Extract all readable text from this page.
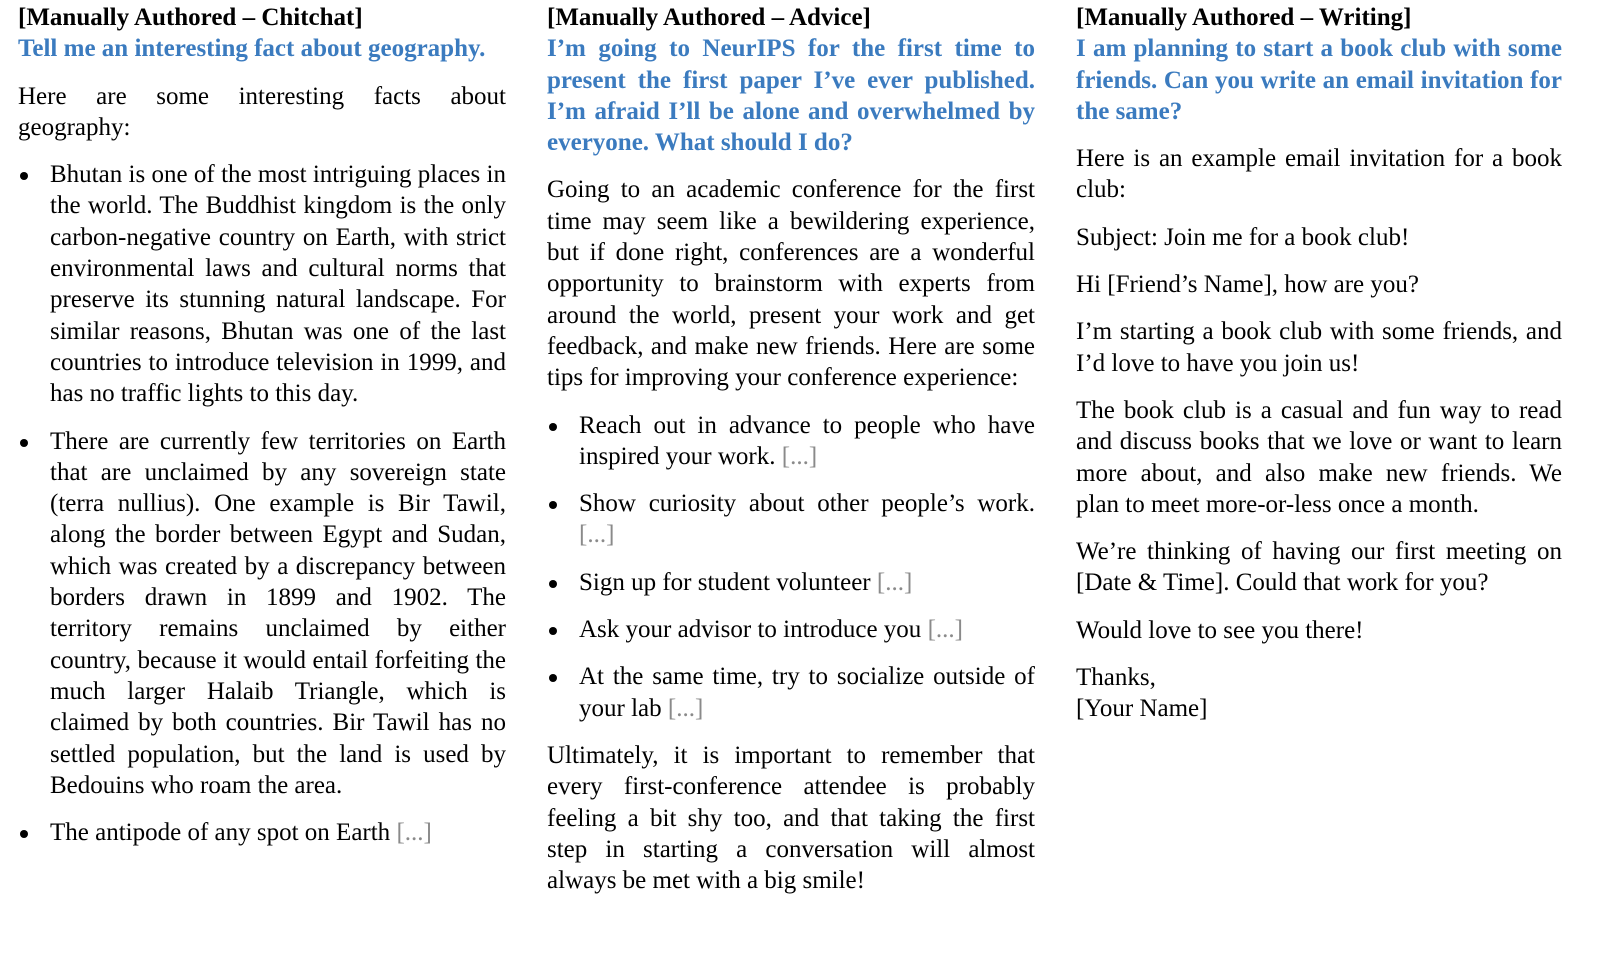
[Manually Authored – Chitchat]
Tell me an interesting fact about geography.

Here are some interesting facts about geography:

Bhutan is one of the most intriguing places in the world. The Buddhist kingdom is the only carbon-negative country on Earth, with strict environmental laws and cultural norms that preserve its stunning natural landscape. For similar reasons, Bhutan was one of the last countries to introduce television in 1999, and has no traffic lights to this day.
There are currently few territories on Earth that are unclaimed by any sovereign state (terra nullius). One example is Bir Tawil, along the border between Egypt and Sudan, which was created by a discrepancy between borders drawn in 1899 and 1902. The territory remains unclaimed by either country, because it would entail forfeiting the much larger Halaib Triangle, which is claimed by both countries. Bir Tawil has no settled population, but the land is used by Bedouins who roam the area.
The antipode of any spot on Earth [...]
[Manually Authored – Advice]
I’m going to NeurIPS for the first time to present the first paper I’ve ever published. I’m afraid I’ll be alone and overwhelmed by everyone. What should I do?

Going to an academic conference for the first time may seem like a bewildering experience, but if done right, conferences are a wonderful opportunity to brainstorm with experts from around the world, present your work and get feedback, and make new friends. Here are some tips for improving your conference experience:

Reach out in advance to people who have inspired your work. [...]
Show curiosity about other people’s work. [...]
Sign up for student volunteer [...]
Ask your advisor to introduce you [...]
At the same time, try to socialize outside of your lab [...]

Ultimately, it is important to remember that every first-conference attendee is probably feeling a bit shy too, and that taking the first step in starting a conversation will almost always be met with a big smile!

[Manually Authored – Writing]
I am planning to start a book club with some friends. Can you write an email invitation for the same?

Here is an example email invitation for a book club:

Subject: Join me for a book club!

Hi [Friend’s Name], how are you?

I’m starting a book club with some friends, and I’d love to have you join us!

The book club is a casual and fun way to read and discuss books that we love or want to learn more about, and also make new friends. We plan to meet more-or-less once a month.

We’re thinking of having our first meeting on [Date & Time]. Could that work for you?

Would love to see you there!

Thanks,
[Your Name]
